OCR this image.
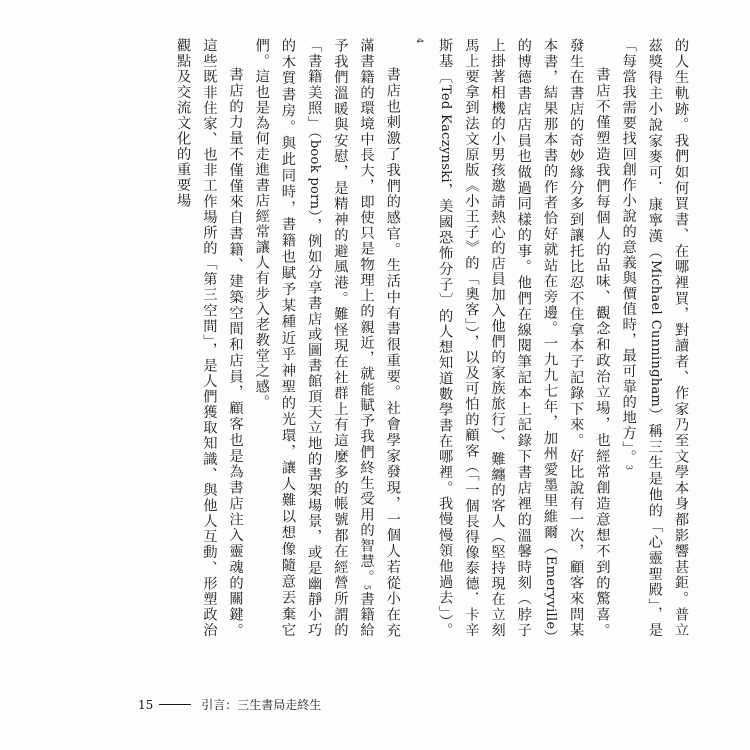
的人生軌跡。我們如何買書、在哪裡買，對讀者、作家乃至文學本身都影響甚鉅。普立茲獎得主小說家麥可．康寧漢（Michael Cunningham）稱三生是他的「心靈聖殿」，是「每當我需要找回創作小說的意義與價值時，最可靠的地方」。3

書店不僅塑造我們每個人的品味、觀念和政治立場，也經常創造意想不到的驚喜。發生在書店的奇妙緣分多到讓托比忍不住拿本子記錄下來。好比說有一次，顧客來問某本書，結果那本書的作者恰好就站在旁邊。一九九七年，加州愛墨里維爾（Emeryville）的博德書店店員也做過同樣的事。他們在線閱筆記本上記錄下書店裡的溫馨時刻（脖子上掛著相機的小男孩邀請熱心的店員加入他們的家族旅行）、難纏的客人（堅持現在立刻馬上要拿到法文原版《小王子》的「奧客」），以及可怕的顧客（「一個長得像泰德．卡辛斯基〔Ted Kaczynski，美國恐怖分子〕的人想知道數學書在哪裡。我慢慢領他過去」）。4

書店也刺激了我們的感官。生活中有書很重要。社會學家發現，一個人若從小在充滿書籍的環境中長大，即使只是物理上的親近，就能賦予我們終生受用的智慧。5書籍給予我們溫暖與安慰，是精神的避風港。難怪現在社群上有這麼多的帳號都在經營所謂的「書籍美照」（book porn），例如分享書店或圖書館頂天立地的書架場景，或是幽靜小巧的木質書房。與此同時，書籍也賦予某種近乎神聖的光環，讓人難以想像隨意丟棄它們。這也是為何走進書店經常讓人有步入老教堂之感。

書店的力量不僅僅來自書籍、建築空間和店員，顧客也是為書店注入靈魂的關鍵。這些既非住家、也非工作場所的「第三空間」，是人們獲取知識、與他人互動、形塑政治觀點及交流文化的重要場

15	引言：三生書局走終生
